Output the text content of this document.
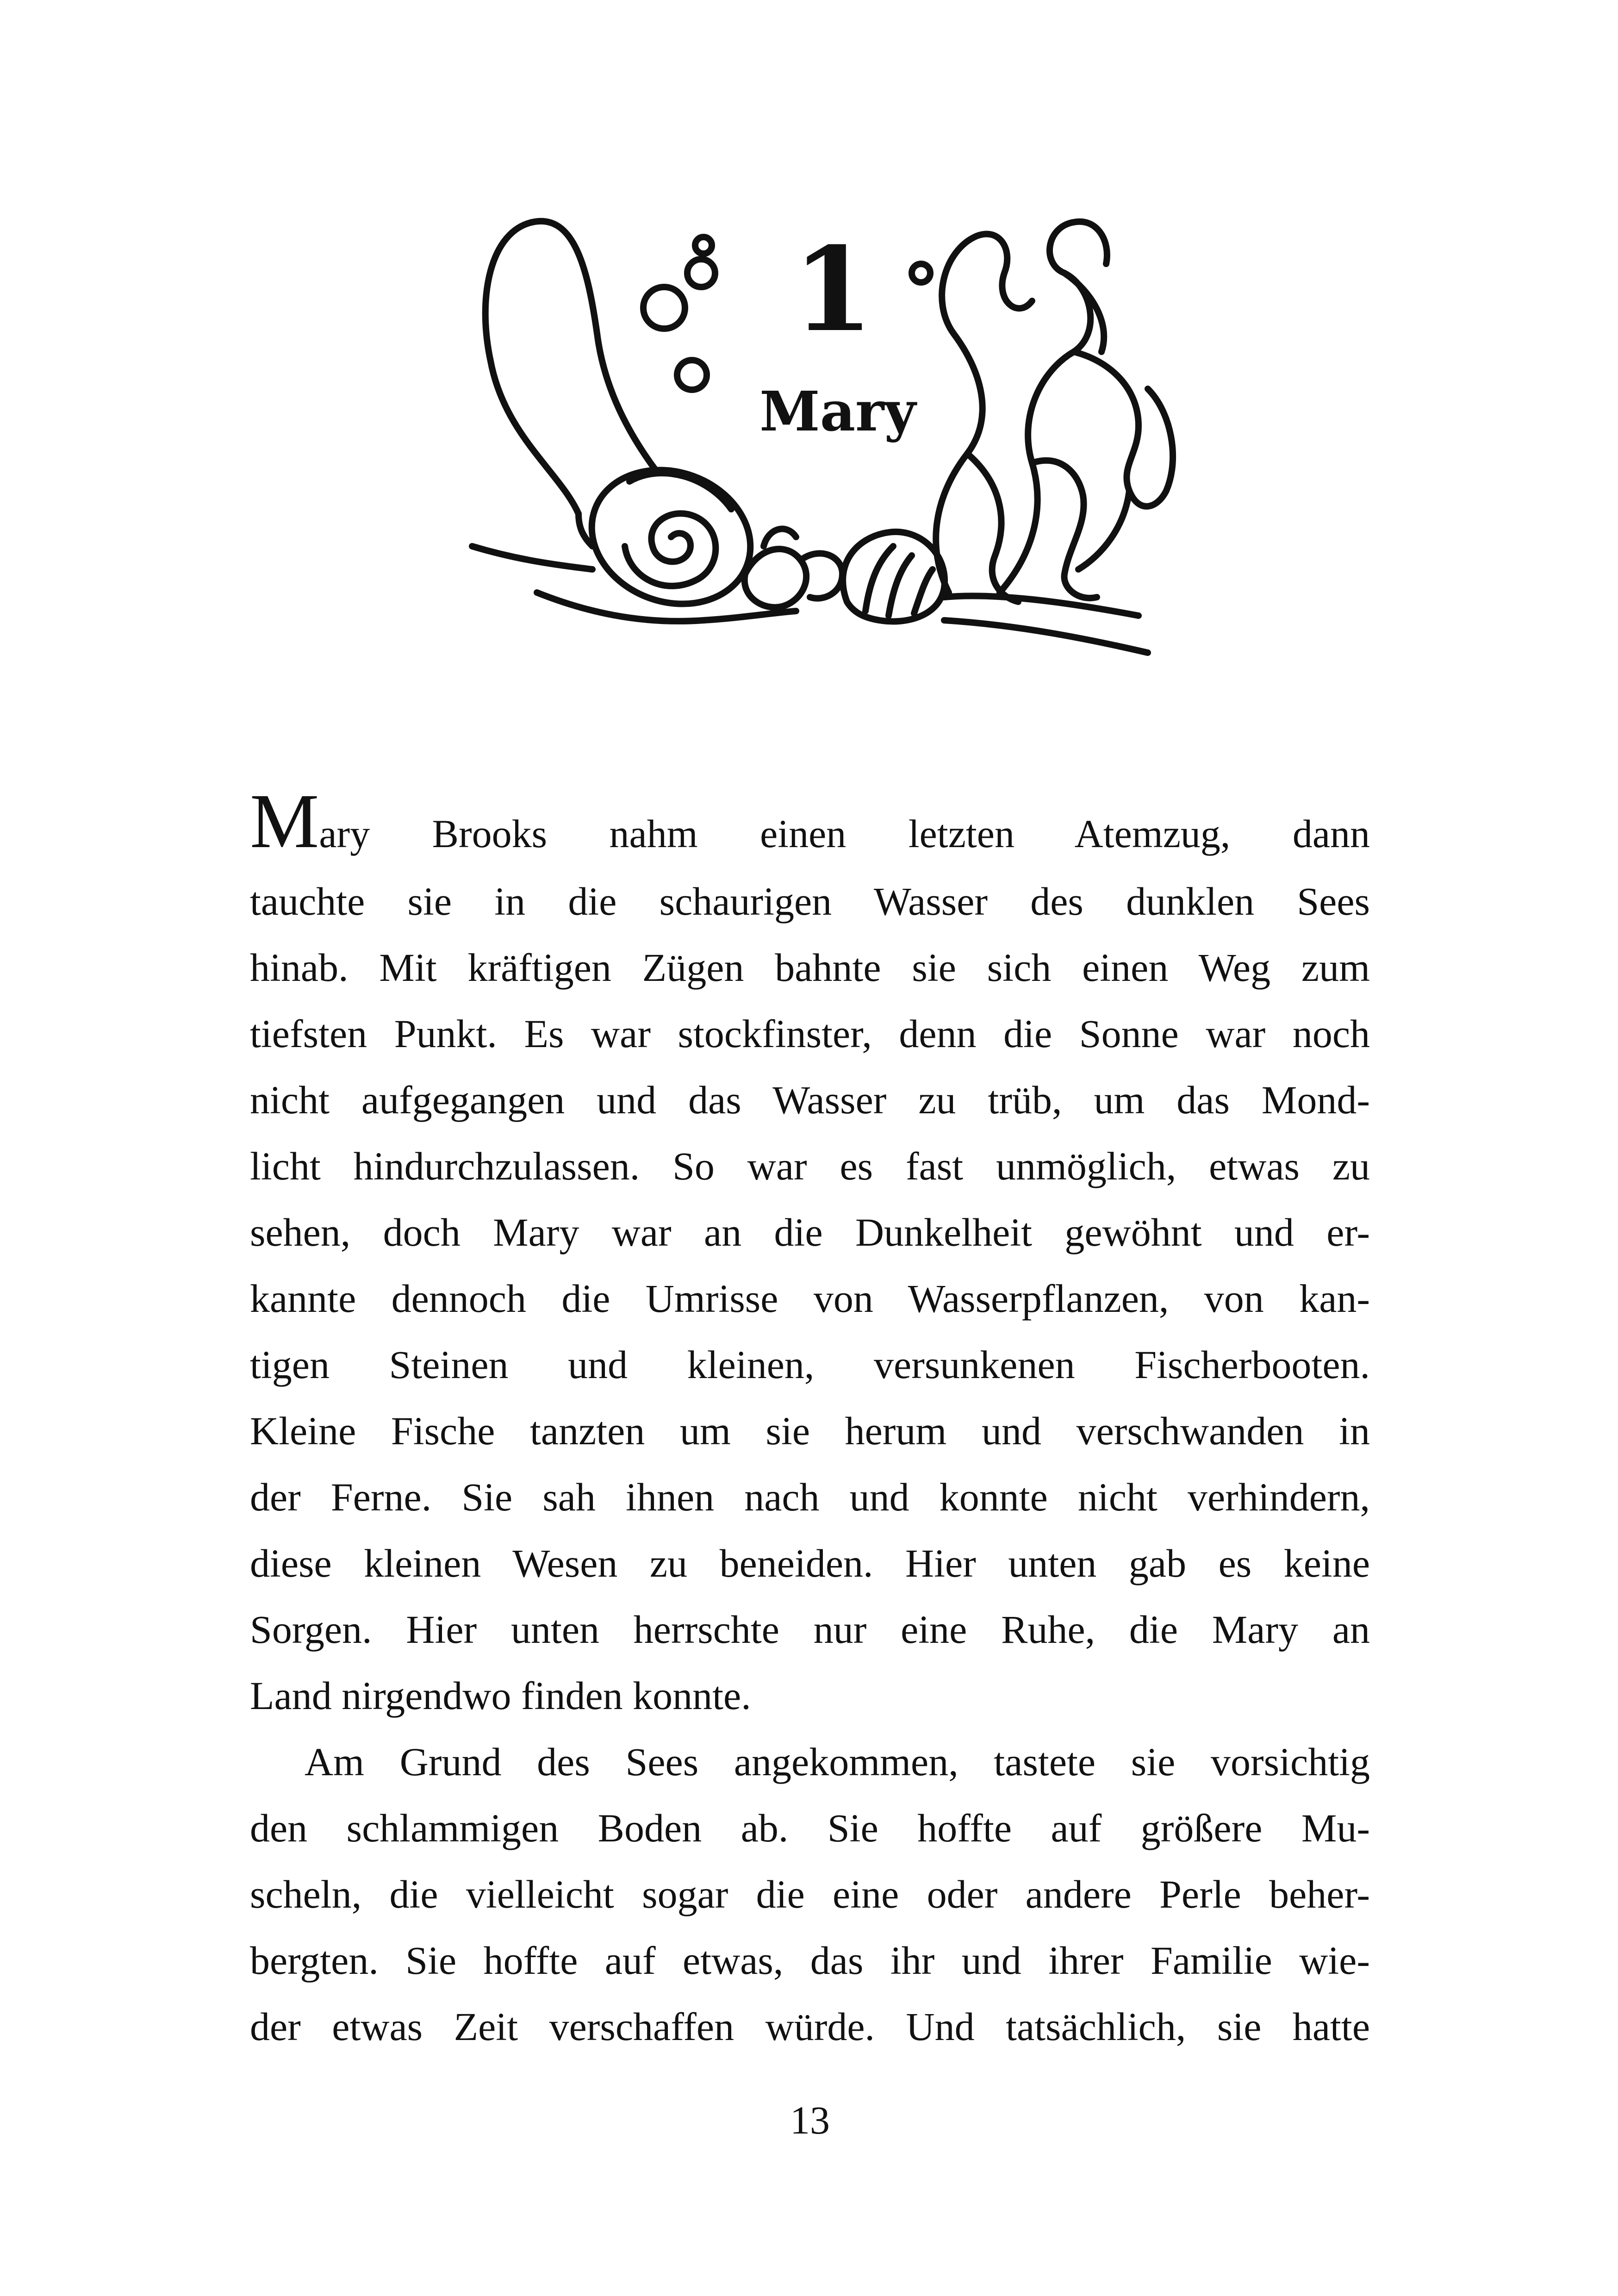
1
Mary
Mary Brooks nahm einen letzten Atemzug, dann
tauchte sie in die schaurigen Wasser des dunklen Sees
hinab. Mit kräftigen Zügen bahnte sie sich einen Weg zum
tiefsten Punkt. Es war stockfinster, denn die Sonne war noch
nicht aufgegangen und das Wasser zu trüb, um das Mond-
licht hindurchzulassen. So war es fast unmöglich, etwas zu
sehen, doch Mary war an die Dunkelheit gewöhnt und er-
kannte dennoch die Umrisse von Wasserpflanzen, von kan-
tigen Steinen und kleinen, versunkenen Fischerbooten.
Kleine Fische tanzten um sie herum und verschwanden in
der Ferne. Sie sah ihnen nach und konnte nicht verhindern,
diese kleinen Wesen zu beneiden. Hier unten gab es keine
Sorgen. Hier unten herrschte nur eine Ruhe, die Mary an
Land nirgendwo finden konnte.
Am Grund des Sees angekommen, tastete sie vorsichtig
den schlammigen Boden ab. Sie hoffte auf größere Mu-
scheln, die vielleicht sogar die eine oder andere Perle beher-
bergten. Sie hoffte auf etwas, das ihr und ihrer Familie wie-
der etwas Zeit verschaffen würde. Und tatsächlich, sie hatte
13
